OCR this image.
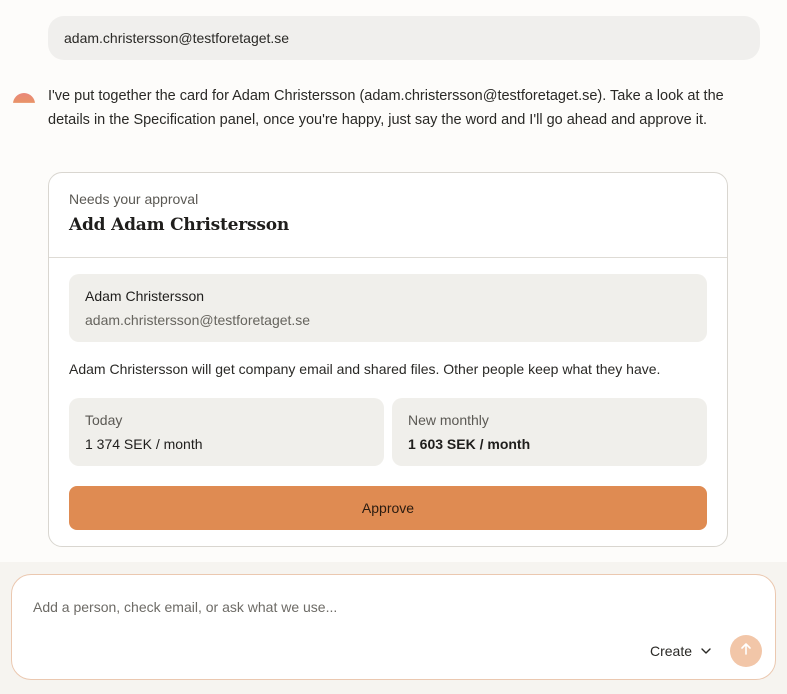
adam.christersson@testforetaget.se
I've put together the card for Adam Christersson (adam.christersson@testforetaget.se). Take a look at the details in the Specification panel, once you're happy, just say the word and I'll go ahead and approve it.
Needs your approval
Add Adam Christersson
Adam Christersson
adam.christersson@testforetaget.se
Adam Christersson will get company email and shared files. Other people keep what they have.
Today
1 374 SEK / month
New monthly
1 603 SEK / month
Approve
Add a person, check email, or ask what we use...
Create
